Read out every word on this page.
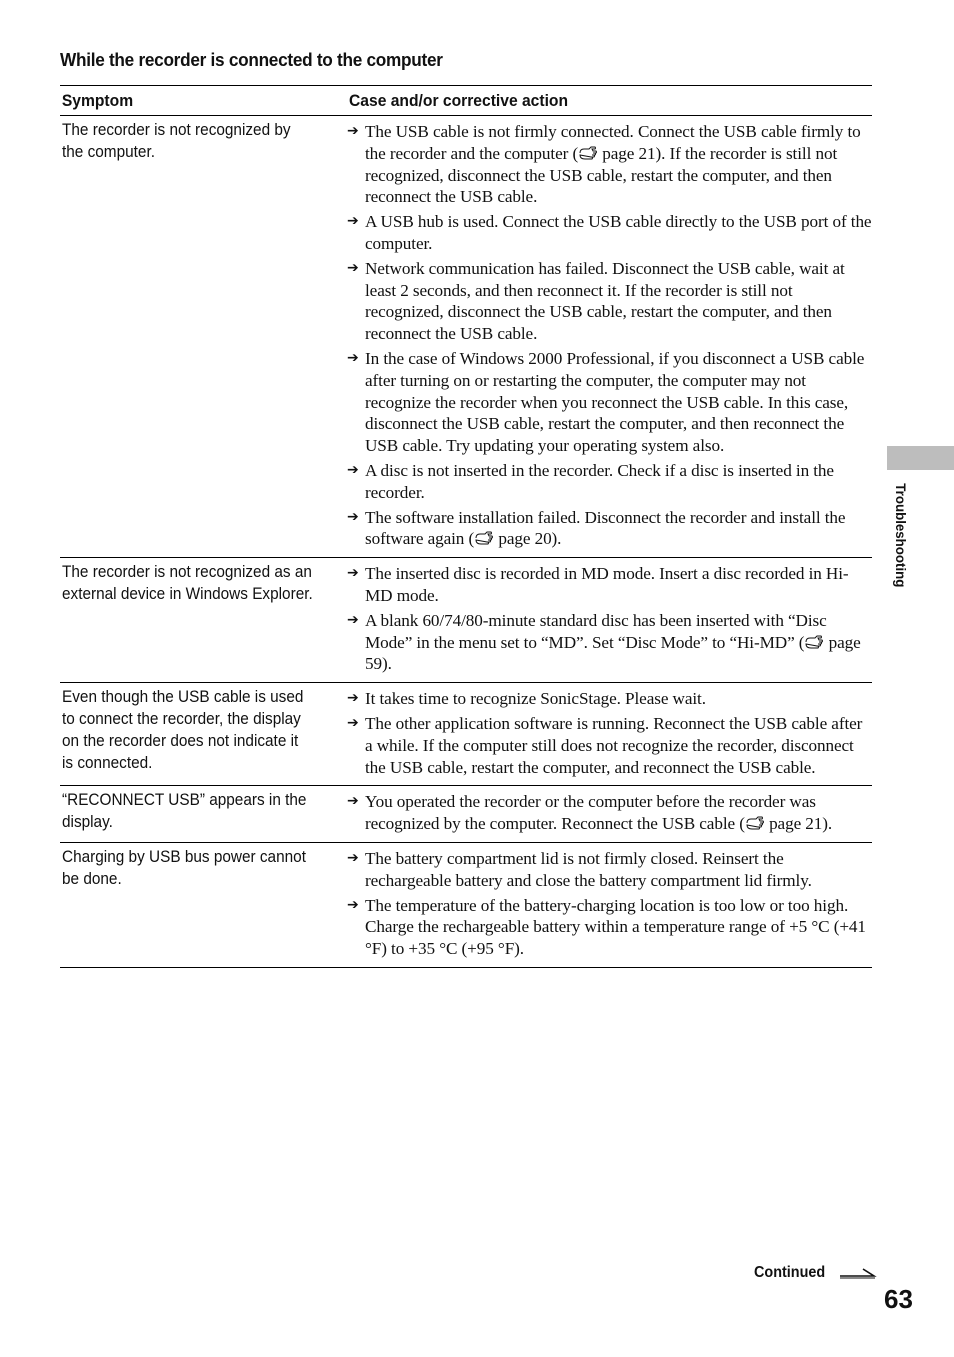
While the recorder is connected to the computer
Symptom	Case and/or corrective action
The recorder is not recognized by the computer.
➔ The USB cable is not firmly connected. Connect the USB cable firmly to the recorder and the computer ( page 21). If the recorder is still not recognized, disconnect the USB cable, restart the computer, and then reconnect the USB cable.
➔ A USB hub is used. Connect the USB cable directly to the USB port of the computer.
➔ Network communication has failed. Disconnect the USB cable, wait at least 2 seconds, and then reconnect it. If the recorder is still not recognized, disconnect the USB cable, restart the computer, and then reconnect the USB cable.
➔ In the case of Windows 2000 Professional, if you disconnect a USB cable after turning on or restarting the computer, the computer may not recognize the recorder when you reconnect the USB cable. In this case, disconnect the USB cable, restart the computer, and then reconnect the USB cable. Try updating your operating system also.
➔ A disc is not inserted in the recorder. Check if a disc is inserted in the recorder.
➔ The software installation failed. Disconnect the recorder and install the software again ( page 20).
The recorder is not recognized as an external device in Windows Explorer.
➔ The inserted disc is recorded in MD mode. Insert a disc recorded in Hi-MD mode.
➔ A blank 60/74/80-minute standard disc has been inserted with “Disc Mode” in the menu set to “MD”. Set “Disc Mode” to “Hi-MD” ( page 59).
Even though the USB cable is used to connect the recorder, the display on the recorder does not indicate it is connected.
➔ It takes time to recognize SonicStage. Please wait.
➔ The other application software is running. Reconnect the USB cable after a while. If the computer still does not recognize the recorder, disconnect the USB cable, restart the computer, and reconnect the USB cable.
“RECONNECT USB” appears in the display.
➔ You operated the recorder or the computer before the recorder was recognized by the computer. Reconnect the USB cable ( page 21).
Charging by USB bus power cannot be done.
➔ The battery compartment lid is not firmly closed. Reinsert the rechargeable battery and close the battery compartment lid firmly.
➔ The temperature of the battery-charging location is too low or too high. Charge the rechargeable battery within a temperature range of +5 °C (+41 °F) to +35 °C (+95 °F).
Troubleshooting
Continued
63
